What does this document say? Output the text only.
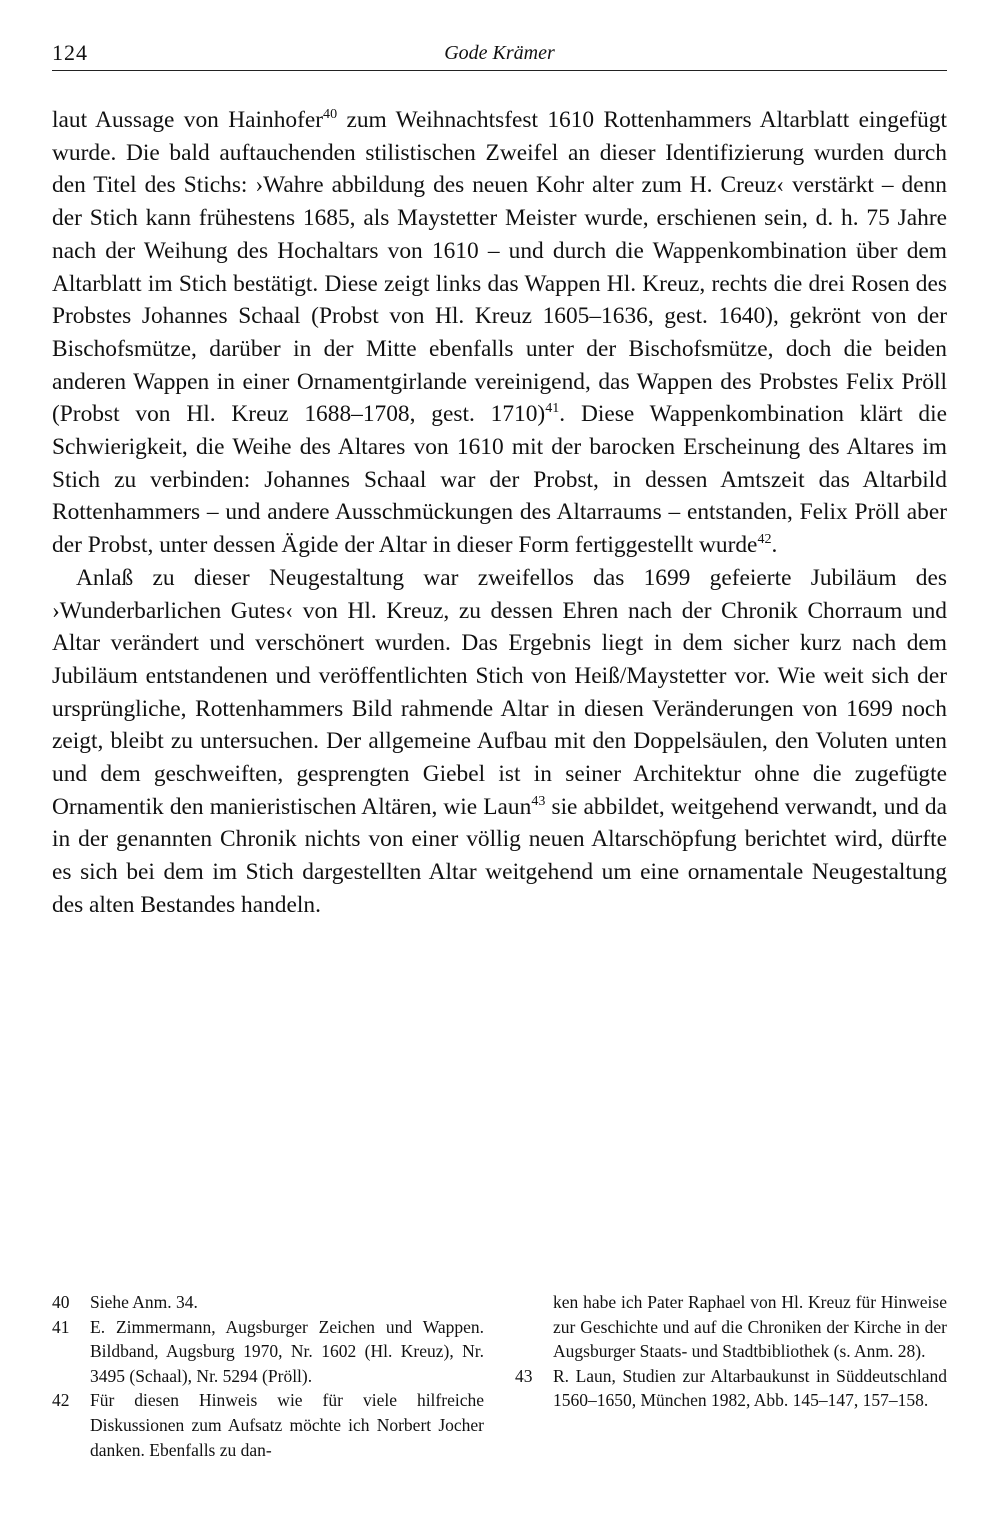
124	Gode Krämer

laut Aussage von Hainhofer$^{40}$ zum Weihnachtsfest 1610 Rottenhammers Altarblatt eingefügt wurde. Die bald auftauchenden stilistischen Zweifel an dieser Identifizierung wurden durch den Titel des Stichs: ›Wahre abbildung des neuen Kohr alter zum H. Creuz‹ verstärkt – denn der Stich kann frühestens 1685, als Maystetter Meister wurde, erschienen sein, d. h. 75 Jahre nach der Weihung des Hochaltars von 1610 – und durch die Wappenkombination über dem Altarblatt im Stich bestätigt. Diese zeigt links das Wappen Hl. Kreuz, rechts die drei Rosen des Probstes Johannes Schaal (Probst von Hl. Kreuz 1605–1636, gest. 1640), gekrönt von der Bischofsmütze, darüber in der Mitte ebenfalls unter der Bischofsmütze, doch die beiden anderen Wappen in einer Ornamentgirlande vereinigend, das Wappen des Probstes Felix Pröll (Probst von Hl. Kreuz 1688–1708, gest. 1710)$^{41}$. Diese Wappenkombination klärt die Schwierigkeit, die Weihe des Altares von 1610 mit der barocken Erscheinung des Altares im Stich zu verbinden: Johannes Schaal war der Probst, in dessen Amtszeit das Altarbild Rottenhammers – und andere Ausschmückungen des Altarraums – entstanden, Felix Pröll aber der Probst, unter dessen Ägide der Altar in dieser Form fertiggestellt wurde$^{42}$.

Anlaß zu dieser Neugestaltung war zweifellos das 1699 gefeierte Jubiläum des ›Wunderbarlichen Gutes‹ von Hl. Kreuz, zu dessen Ehren nach der Chronik Chorraum und Altar verändert und verschönert wurden. Das Ergebnis liegt in dem sicher kurz nach dem Jubiläum entstandenen und veröffentlichten Stich von Heiß/Maystetter vor. Wie weit sich der ursprüngliche, Rottenhammers Bild rahmende Altar in diesen Veränderungen von 1699 noch zeigt, bleibt zu untersuchen. Der allgemeine Aufbau mit den Doppelsäulen, den Voluten unten und dem geschweiften, gesprengten Giebel ist in seiner Architektur ohne die zugefügte Ornamentik den manieristischen Altären, wie Laun$^{43}$ sie abbildet, weitgehend verwandt, und da in der genannten Chronik nichts von einer völlig neuen Altarschöpfung berichtet wird, dürfte es sich bei dem im Stich dargestellten Altar weitgehend um eine ornamentale Neugestaltung des alten Bestandes handeln.

40 Siehe Anm. 34.
41 E. Zimmermann, Augsburger Zeichen und Wappen. Bildband, Augsburg 1970, Nr. 1602 (Hl. Kreuz), Nr. 3495 (Schaal), Nr. 5294 (Pröll).
42 Für diesen Hinweis wie für viele hilfreiche Diskussionen zum Aufsatz möchte ich Norbert Jocher danken. Ebenfalls zu dan-
ken habe ich Pater Raphael von Hl. Kreuz für Hinweise zur Geschichte und auf die Chroniken der Kirche in der Augsburger Staats- und Stadtbibliothek (s. Anm. 28).
43 R. Laun, Studien zur Altarbaukunst in Süddeutschland 1560–1650, München 1982, Abb. 145–147, 157–158.
